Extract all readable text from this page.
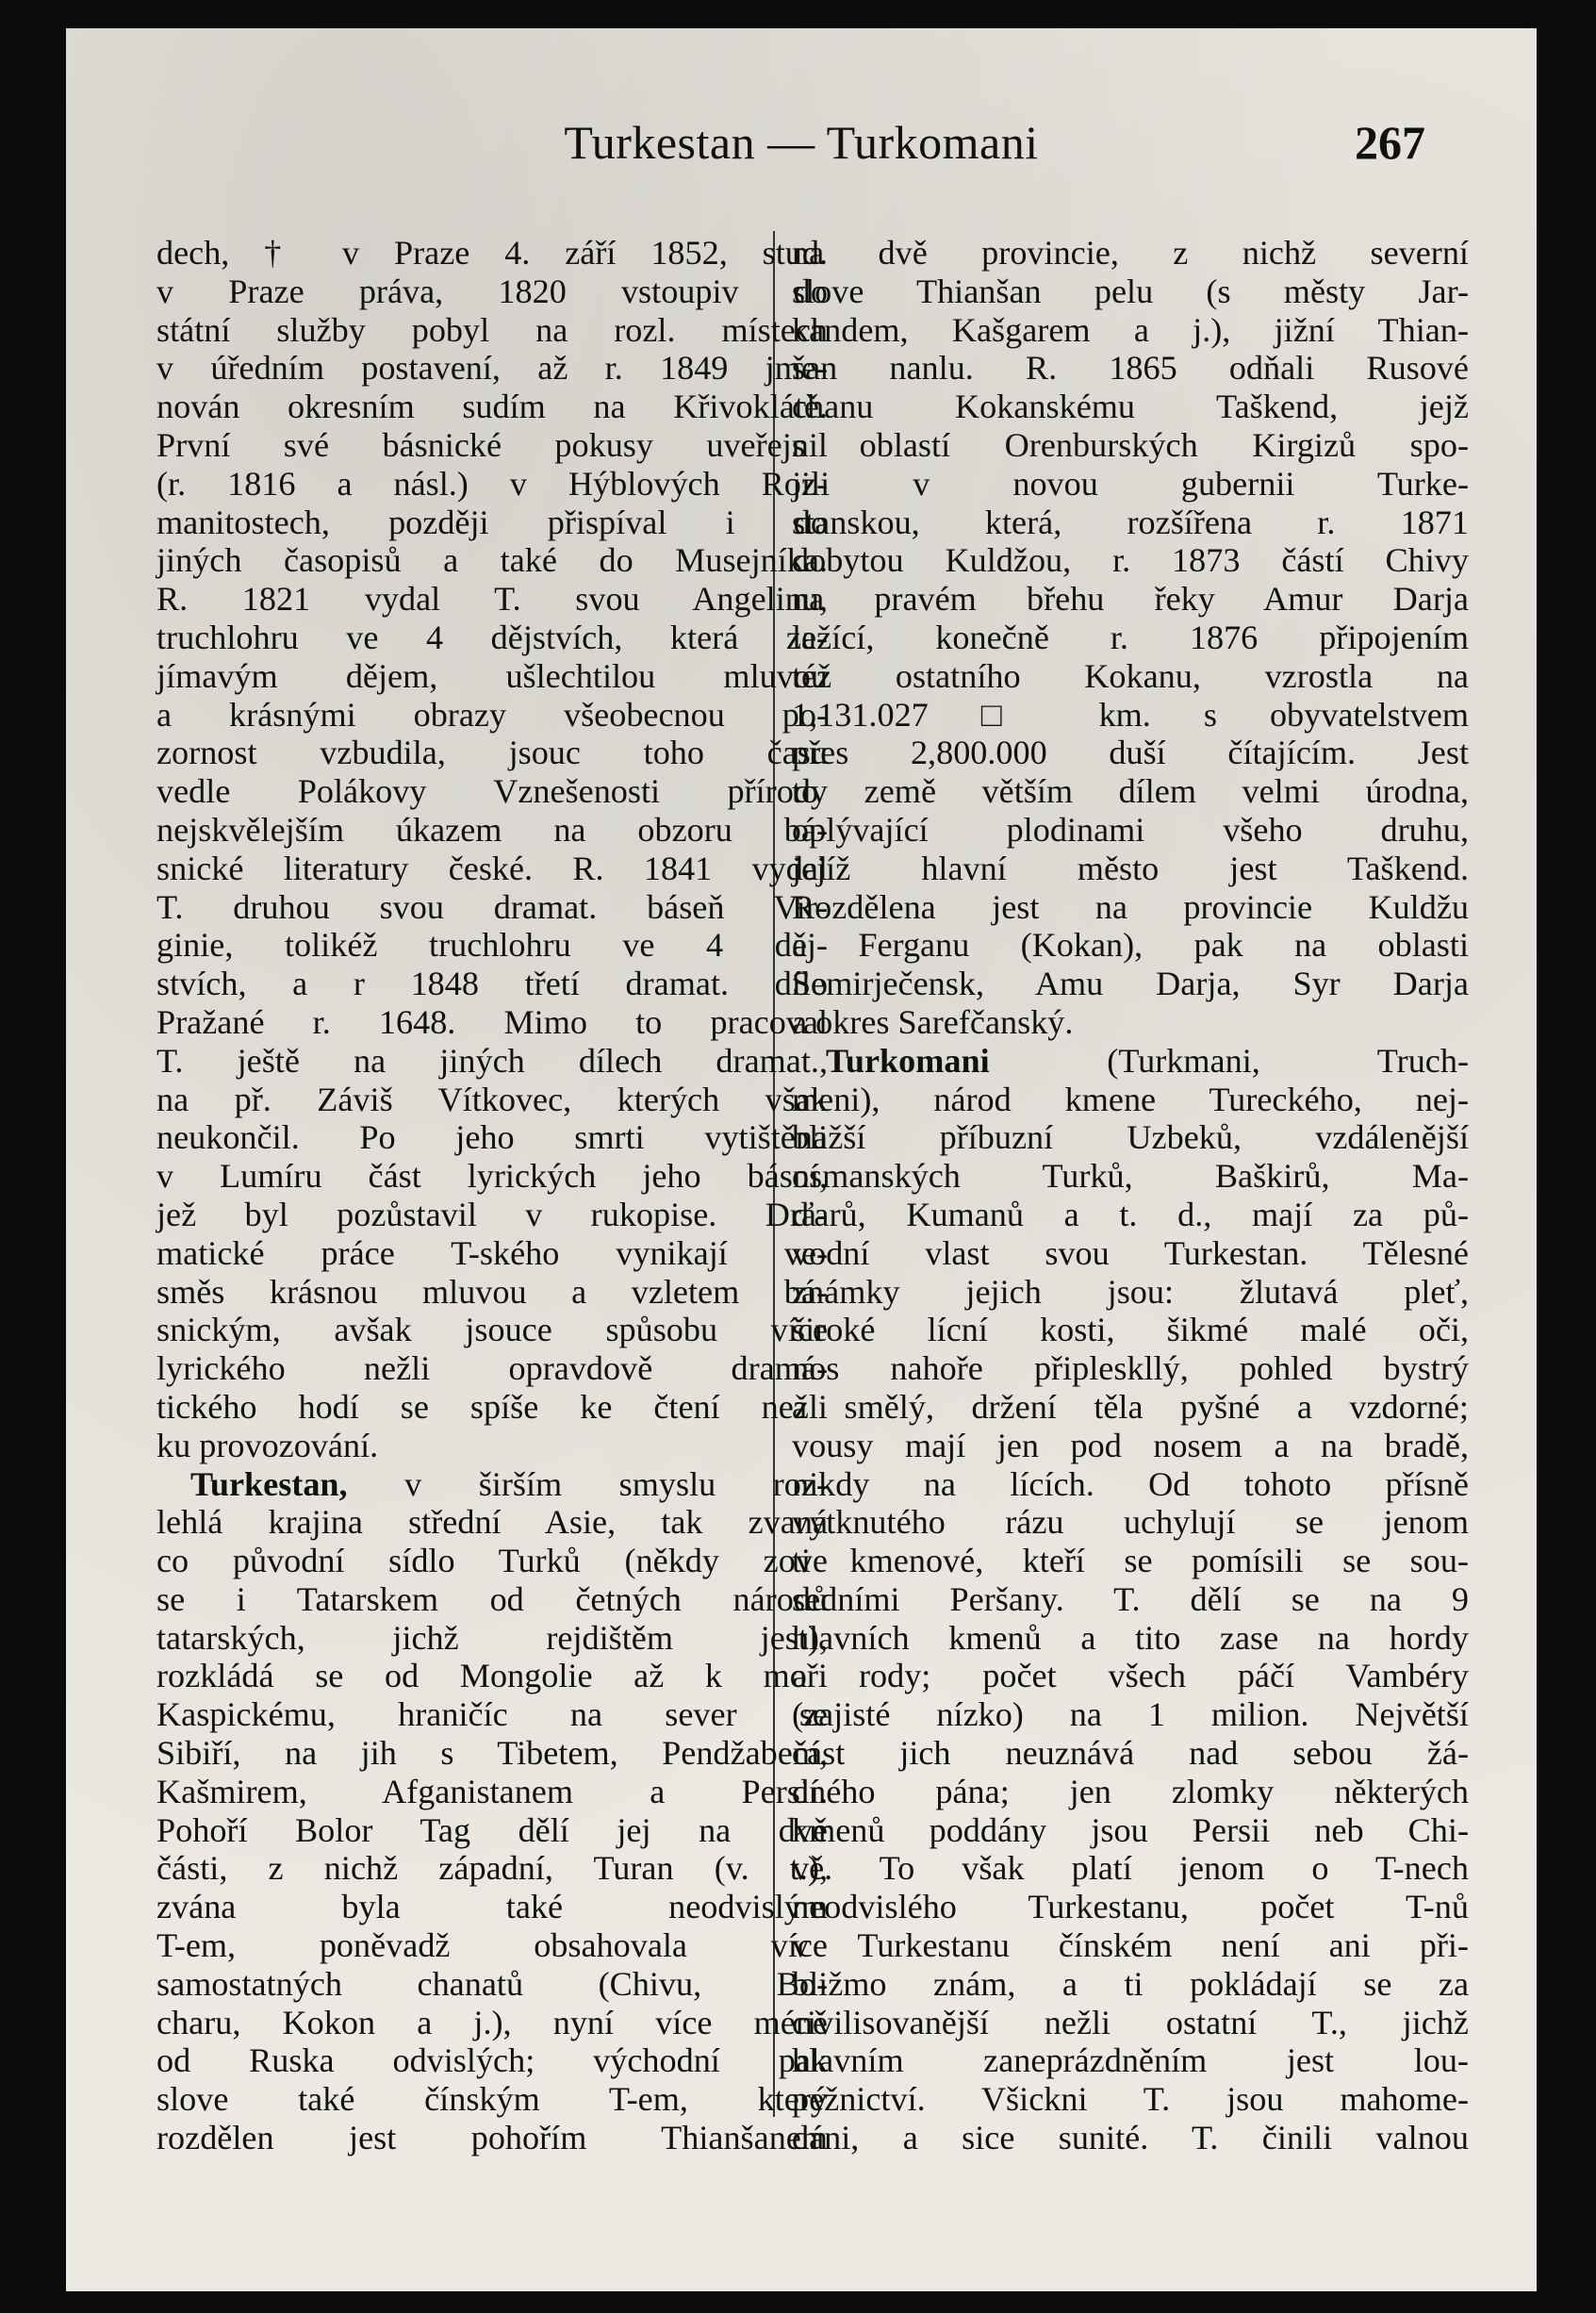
Turkestan — Turkomani	267
dech, † v Praze 4. září 1852, stud.
v Praze práva, 1820 vstoupiv do
státní služby pobyl na rozl. místech
v úředním postavení, až r. 1849 jme-
nován okresním sudím na Křivoklátě.
První své básnické pokusy uveřejnil
(r. 1816 a násl.) v Hýblových Roz-
manitostech, později přispíval i do
jiných časopisů a také do Musejníka.
R. 1821 vydal T. svou Angelinu,
truchlohru ve 4 dějstvích, která za-
jímavým dějem, ušlechtilou mluvou
a krásnými obrazy všeobecnou po-
zornost vzbudila, jsouc toho času
vedle Polákovy Vznešenosti přírody
nejskvělejším úkazem na obzoru bá-
snické literatury české. R. 1841 vydal
T. druhou svou dramat. báseň Vir-
ginie, tolikéž truchlohru ve 4 děj-
stvích, a r 1848 třetí dramat. dílo
Pražané r. 1648. Mimo to pracoval
T. ještě na jiných dílech dramat.,
na př. Záviš Vítkovec, kterých však
neukončil. Po jeho smrti vytištěna
v Lumíru část lyrických jeho básní,
jež byl pozůstavil v rukopise. Dra-
matické práce T-ského vynikají ve-
směs krásnou mluvou a vzletem bá-
snickým, avšak jsouce spůsobu více
lyrického nežli opravdově dramá-
tického hodí se spíše ke čtení nežli
ku provozování.
Turkestan, v širším smyslu roz-
lehlá krajina střední Asie, tak zvaná
co původní sídlo Turků (někdy zove
se i Tatarskem od četných národů
tatarských, jichž rejdištěm jest),
rozkládá se od Mongolie až k moři
Kaspickému, hraničíc na sever se
Sibiří, na jih s Tibetem, Pendžabem,
Kašmirem, Afganistanem a Persií.
Pohoří Bolor Tag dělí jej na dvě
části, z nichž západní, Turan (v. t.),
zvána byla také neodvislým
T-em, poněvadž obsahovala více
samostatných chanatů (Chivu, Bo-
charu, Kokon a j.), nyní více méně
od Ruska odvislých; východní pak
slove také čínským T-em, který
rozdělen jest pohořím Thianšanem
na dvě provincie, z nichž severní
slove Thianšan pelu (s městy Jar-
kandem, Kašgarem a j.), jižní Thian-
šan nanlu. R. 1865 odňali Rusové
chanu Kokanskému Taškend, jejž
s oblastí Orenburských Kirgizů spo-
jili v novou gubernii Turke-
stanskou, která, rozšířena r. 1871
dobytou Kuldžou, r. 1873 částí Chivy
na pravém břehu řeky Amur Darja
ležící, konečně r. 1876 připojením
též ostatního Kokanu, vzrostla na
1,131.027 □ km. s obyvatelstvem
přes 2,800.000 duší čítajícím. Jest
to země větším dílem velmi úrodna,
oplývající plodinami všeho druhu,
jejíž hlavní město jest Taškend.
Rozdělena jest na provincie Kuldžu
a Ferganu (Kokan), pak na oblasti
Semirječensk, Amu Darja, Syr Darja
a okres Sarefčanský.
Turkomani (Turkmani, Truch-
meni), národ kmene Tureckého, nej-
bližší příbuzní Uzbeků, vzdálenější
osmanských Turků, Baškirů, Ma-
ďarů, Kumanů a t. d., mají za pů-
vodní vlast svou Turkestan. Tělesné
známky jejich jsou: žlutavá pleť,
široké lícní kosti, šikmé malé oči,
nos nahoře připleskllý, pohled bystrý
a smělý, držení těla pyšné a vzdorné;
vousy mají jen pod nosem a na bradě,
nikdy na lících. Od tohoto přísně
vytknutého rázu uchylují se jenom
ti kmenové, kteří se pomísili se sou-
sedními Peršany. T. dělí se na 9
hlavních kmenů a tito zase na hordy
a rody; počet všech páčí Vambéry
(zajisté nízko) na 1 milion. Největší
část jich neuznává nad sebou žá-
dného pána; jen zlomky některých
kmenů poddány jsou Persii neb Chi-
vě. To však platí jenom o T-nech
neodvislého Turkestanu, počet T-nů
v Turkestanu čínském není ani při-
bližmo znám, a ti pokládají se za
civilisovanější nežli ostatní T., jichž
hlavním zaneprázdněním jest lou-
pežnictví. Všickni T. jsou mahome-
dáni, a sice sunité. T. činili valnou
